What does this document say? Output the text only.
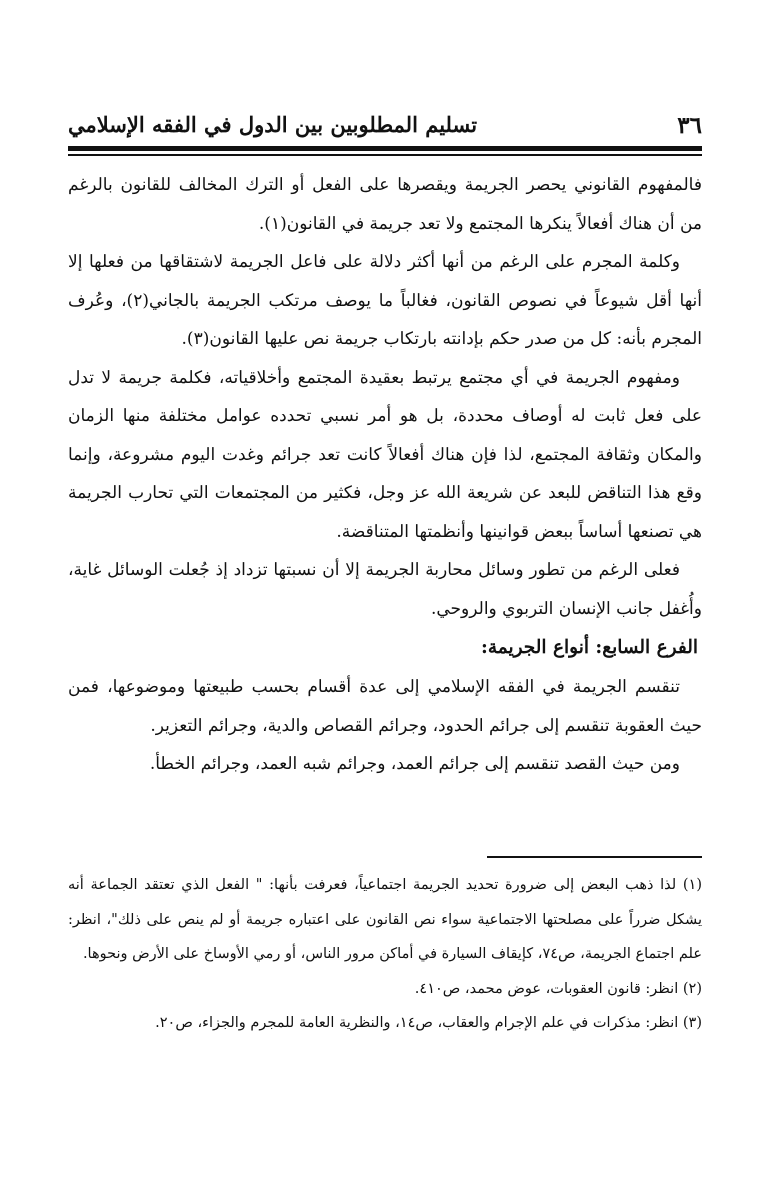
٣٦
تسليم المطلوبين بين الدول في الفقه الإسلامي

فالمفهوم القانوني يحصر الجريمة ويقصرها على الفعل أو الترك المخالف للقانون بالرغم من أن هناك أفعالاً ينكرها المجتمع ولا تعد جريمة في القانون(١).

وكلمة المجرم على الرغم من أنها أكثر دلالة على فاعل الجريمة لاشتقاقها من فعلها إلا أنها أقل شيوعاً في نصوص القانون، فغالباً ما يوصف مرتكب الجريمة بالجاني(٢)، وعُرف المجرم بأنه: كل من صدر حكم بإدانته بارتكاب جريمة نص عليها القانون(٣).

ومفهوم الجريمة في أي مجتمع يرتبط بعقيدة المجتمع وأخلاقياته، فكلمة جريمة لا تدل على فعل ثابت له أوصاف محددة، بل هو أمر نسبي تحدده عوامل مختلفة منها الزمان والمكان وثقافة المجتمع، لذا فإن هناك أفعالاً كانت تعد جرائم وغدت اليوم مشروعة، وإنما وقع هذا التناقض للبعد عن شريعة الله عز وجل، فكثير من المجتمعات التي تحارب الجريمة هي تصنعها أساساً ببعض قوانينها وأنظمتها المتناقضة.

فعلى الرغم من تطور وسائل محاربة الجريمة إلا أن نسبتها تزداد إذ جُعلت الوسائل غاية، وأُغفل جانب الإنسان التربوي والروحي.

الفرع السابع: أنواع الجريمة:

تنقسم الجريمة في الفقه الإسلامي إلى عدة أقسام بحسب طبيعتها وموضوعها، فمن حيث العقوبة تنقسم إلى جرائم الحدود، وجرائم القصاص والدية، وجرائم التعزير.

ومن حيث القصد تنقسم إلى جرائم العمد، وجرائم شبه العمد، وجرائم الخطأ.

(١) لذا ذهب البعض إلى ضرورة تحديد الجريمة اجتماعياً، فعرفت بأنها: " الفعل الذي تعتقد الجماعة أنه يشكل ضرراً على مصلحتها الاجتماعية سواء نص القانون على اعتباره جريمة أو لم ينص على ذلك"، انظر: علم اجتماع الجريمة، ص٧٤، كإيقاف السيارة في أماكن مرور الناس، أو رمي الأوساخ على الأرض ونحوها.

(٢) انظر: قانون العقوبات، عوض محمد، ص٤١٠.

(٣) انظر: مذكرات في علم الإجرام والعقاب، ص١٤، والنظرية العامة للمجرم والجزاء، ص٢٠.
